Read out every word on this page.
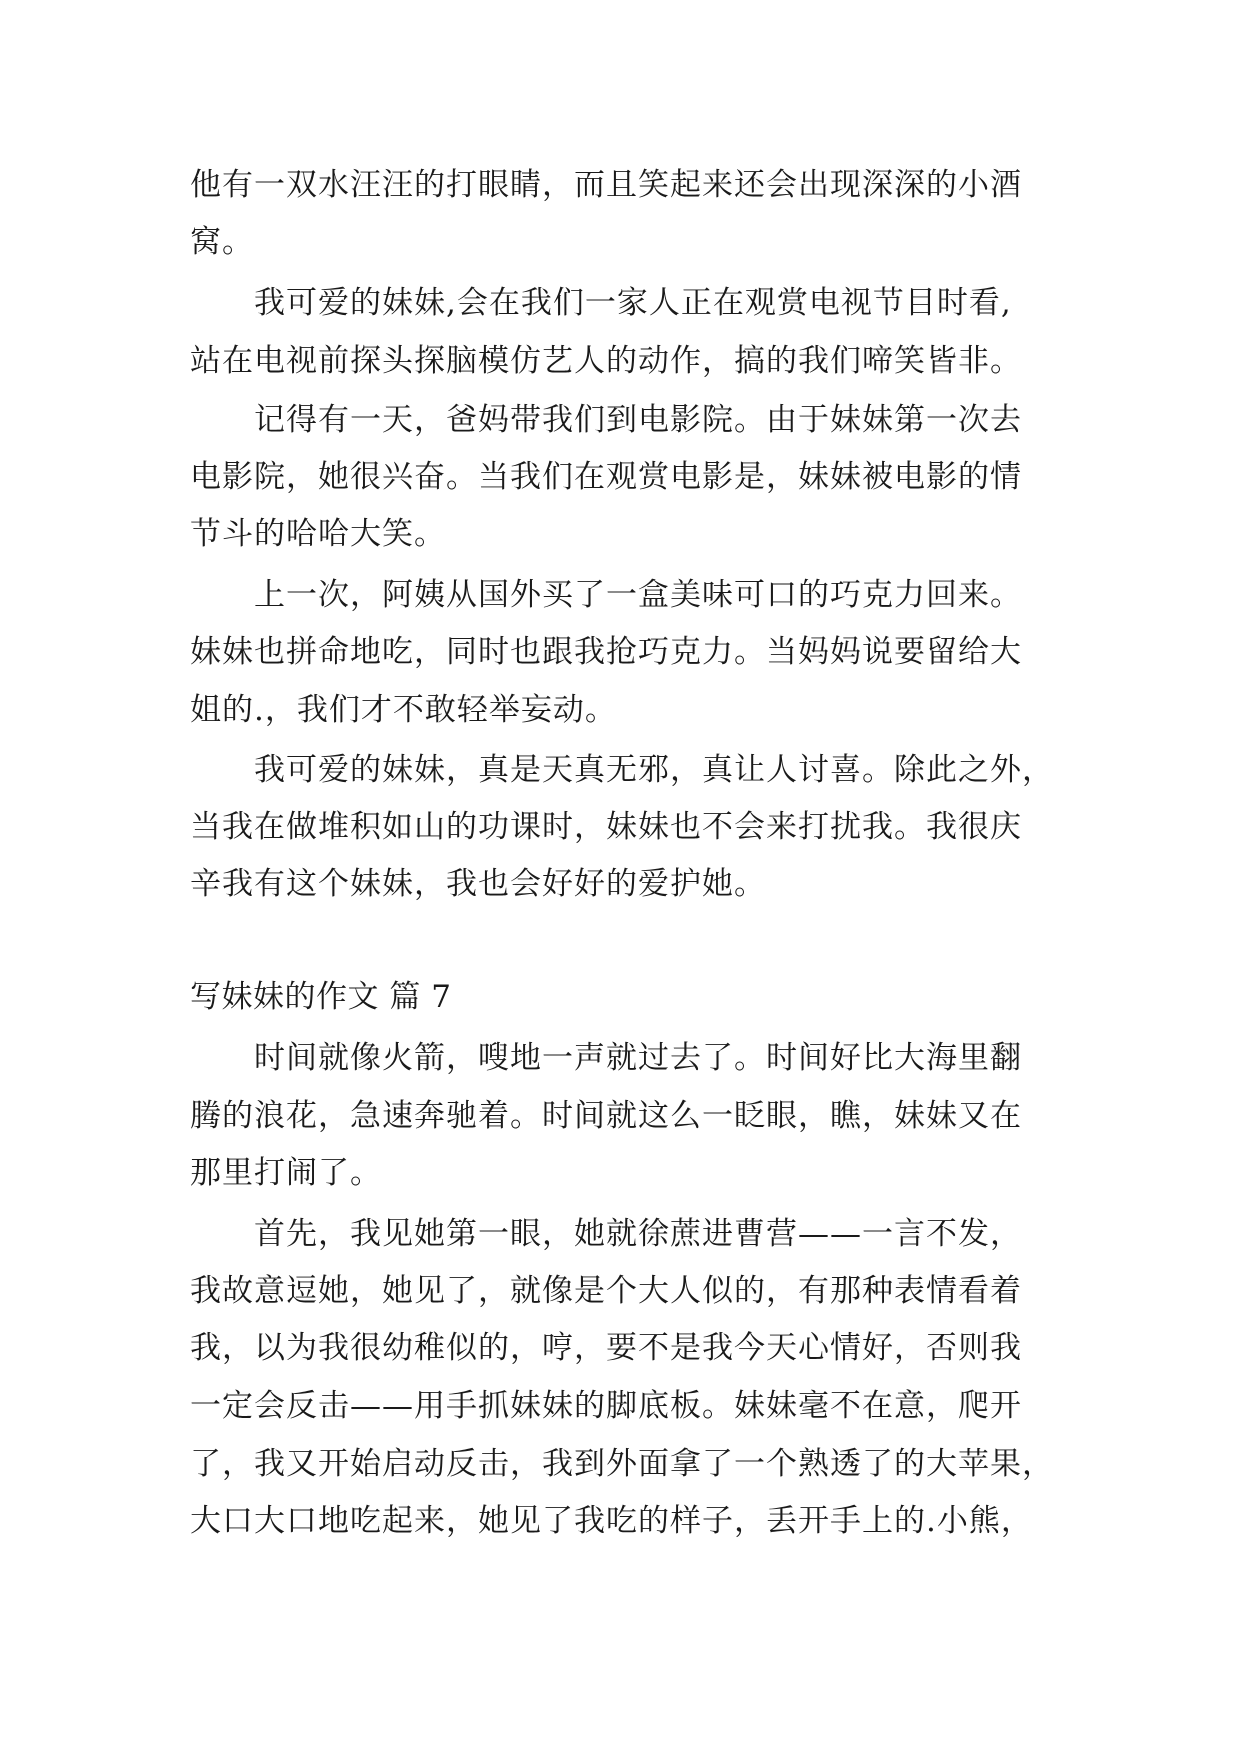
他有一双水汪汪的打眼睛，而且笑起来还会出现深深的小酒
窝。
我可爱的妹妹,会在我们一家人正在观赏电视节目时看,
站在电视前探头探脑模仿艺人的动作，搞的我们啼笑皆非。
记得有一天，爸妈带我们到电影院。由于妹妹第一次去
电影院，她很兴奋。当我们在观赏电影是，妹妹被电影的情
节斗的哈哈大笑。
上一次，阿姨从国外买了一盒美味可口的巧克力回来。
妹妹也拼命地吃，同时也跟我抢巧克力。当妈妈说要留给大
姐的.，我们才不敢轻举妄动。
我可爱的妹妹，真是天真无邪，真让人讨喜。除此之外，
当我在做堆积如山的功课时，妹妹也不会来打扰我。我很庆
辛我有这个妹妹，我也会好好的爱护她。
写妹妹的作文 篇 7
时间就像火箭，嗖地一声就过去了。时间好比大海里翻
腾的浪花，急速奔驰着。时间就这么一眨眼，瞧，妹妹又在
那里打闹了。
首先，我见她第一眼，她就徐蔗进曹营——一言不发，
我故意逗她，她见了，就像是个大人似的，有那种表情看着
我，以为我很幼稚似的，哼，要不是我今天心情好，否则我
一定会反击——用手抓妹妹的脚底板。妹妹毫不在意，爬开
了，我又开始启动反击，我到外面拿了一个熟透了的大苹果，
大口大口地吃起来，她见了我吃的样子，丢开手上的.小熊，
